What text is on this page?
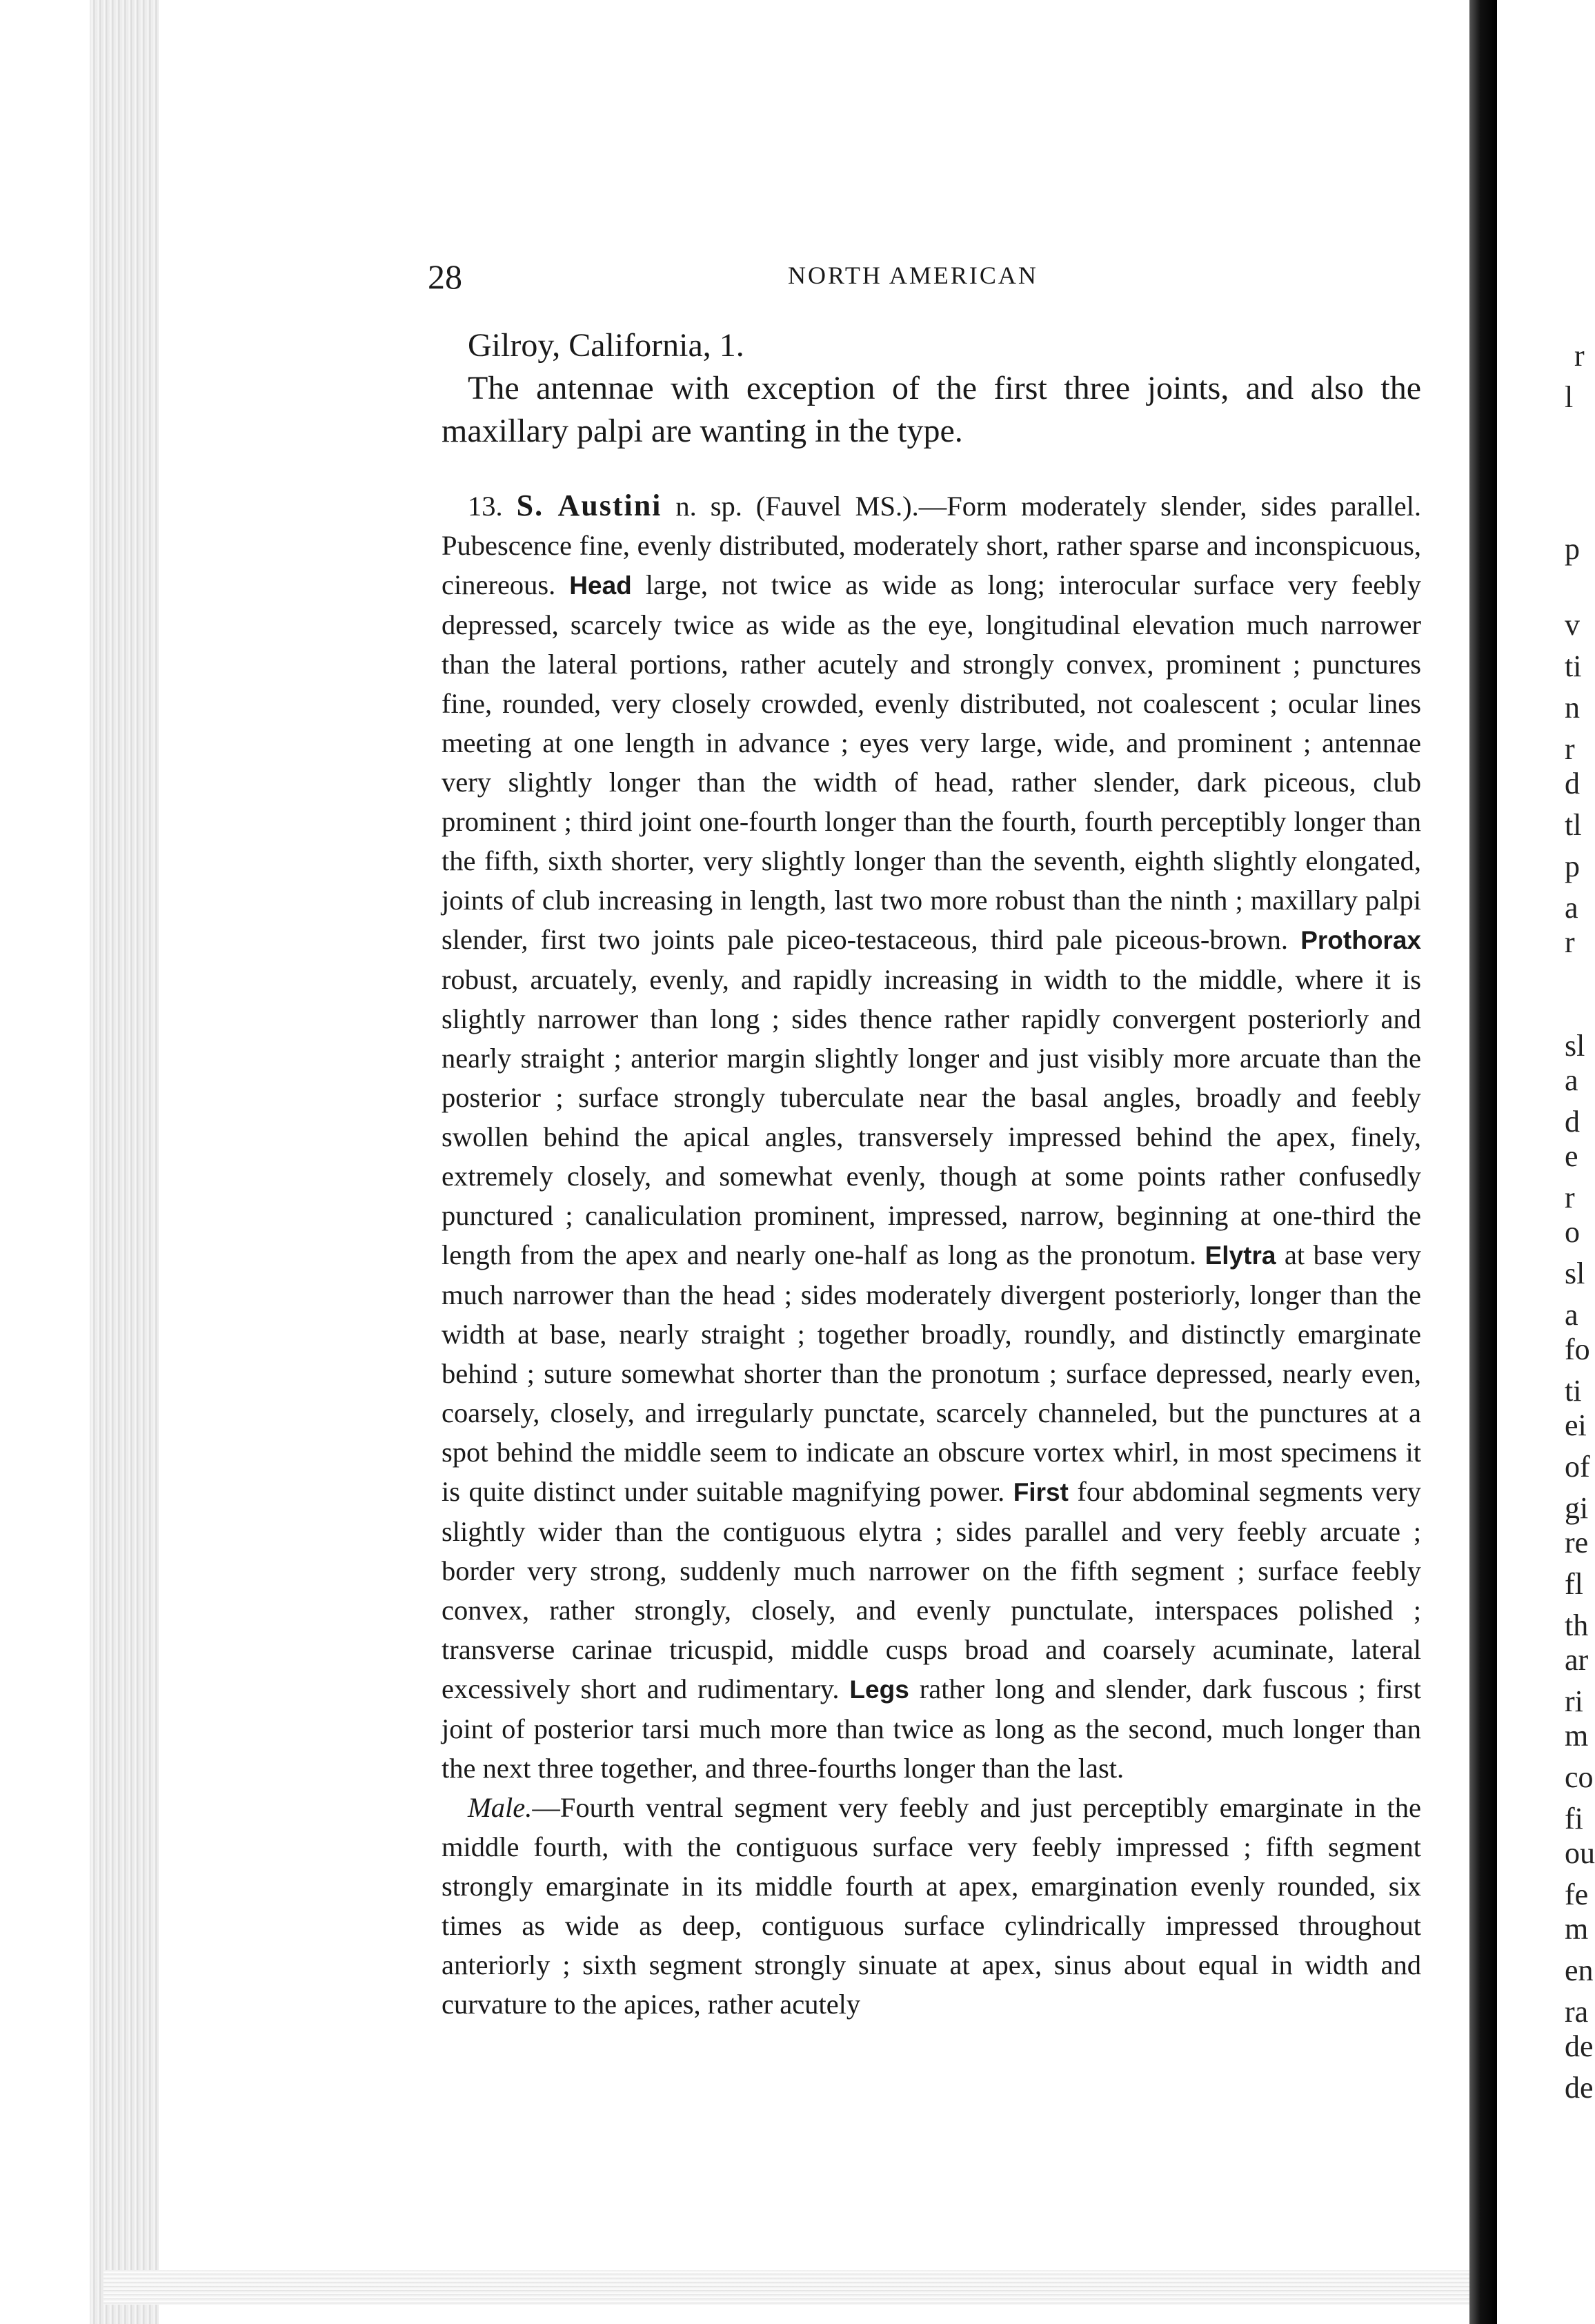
r
l
p
v
ti
n
r
d
tl
p
a
r
sl
a
d
e
r
o
sl
a
fo
ti
ei
of
gi
re
fl
th
ar
ri
m
co
fi
ou
fe
m
en
ra
de
de
28	NORTH AMERICAN

Gilroy, California, 1.

The antennae with exception of the first three joints, and also the maxillary palpi are wanting in the type.

13. S. Austini n. sp. (Fauvel MS.).—Form moderately slender, sides parallel. Pubescence fine, evenly distributed, moderately short, rather sparse and inconspicuous, cinereous. Head large, not twice as wide as long; interocular surface very feebly depressed, scarcely twice as wide as the eye, longitudinal elevation much narrower than the lateral portions, rather acutely and strongly convex, prominent ; punctures fine, rounded, very closely crowded, evenly distributed, not coalescent ; ocular lines meeting at one length in advance ; eyes very large, wide, and prominent ; antennae very slightly longer than the width of head, rather slender, dark piceous, club prominent ; third joint one-fourth longer than the fourth, fourth perceptibly longer than the fifth, sixth shorter, very slightly longer than the seventh, eighth slightly elongated, joints of club increasing in length, last two more robust than the ninth ; maxillary palpi slender, first two joints pale piceo-testaceous, third pale piceous-brown. Prothorax robust, arcuately, evenly, and rapidly increasing in width to the middle, where it is slightly narrower than long ; sides thence rather rapidly convergent posteriorly and nearly straight ; anterior margin slightly longer and just visibly more arcuate than the posterior ; surface strongly tuberculate near the basal angles, broadly and feebly swollen behind the apical angles, transversely impressed behind the apex, finely, extremely closely, and somewhat evenly, though at some points rather confusedly punctured ; canaliculation prominent, impressed, narrow, beginning at one-third the length from the apex and nearly one-half as long as the pronotum. Elytra at base very much narrower than the head ; sides moderately divergent posteriorly, longer than the width at base, nearly straight ; together broadly, roundly, and distinctly emarginate behind ; suture somewhat shorter than the pronotum ; surface depressed, nearly even, coarsely, closely, and irregularly punctate, scarcely channeled, but the punctures at a spot behind the middle seem to indicate an obscure vortex whirl, in most specimens it is quite distinct under suitable magnifying power. First four abdominal segments very slightly wider than the contiguous elytra ; sides parallel and very feebly arcuate ; border very strong, suddenly much narrower on the fifth segment ; surface feebly convex, rather strongly, closely, and evenly punctulate, interspaces polished ; transverse carinae tricuspid, middle cusps broad and coarsely acuminate, lateral excessively short and rudimentary. Legs rather long and slender, dark fuscous ; first joint of posterior tarsi much more than twice as long as the second, much longer than the next three together, and three-fourths longer than the last.

Male.—Fourth ventral segment very feebly and just perceptibly emarginate in the middle fourth, with the contiguous surface very feebly impressed ; fifth segment strongly emarginate in its middle fourth at apex, emargination evenly rounded, six times as wide as deep, contiguous surface cylindrically impressed throughout anteriorly ; sixth segment strongly sinuate at apex, sinus about equal in width and curvature to the apices, rather acutely
